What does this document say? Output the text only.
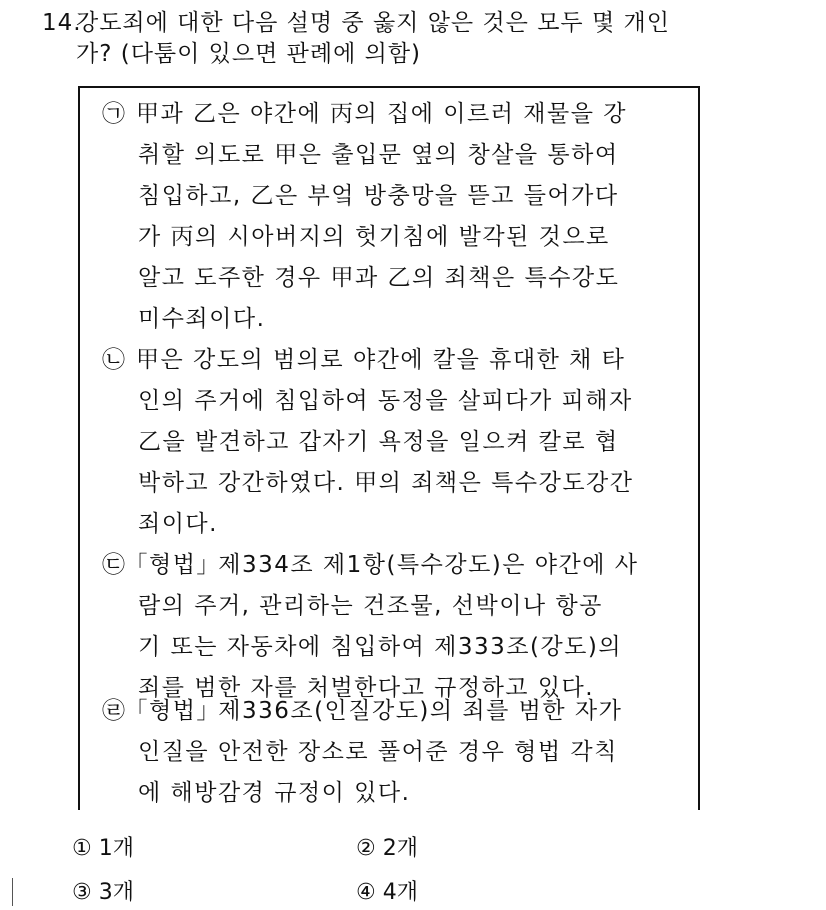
14.강도죄에 대한 다음 설명 중 옳지 않은 것은 모두 몇 개인
가? (다툼이 있으면 판례에 의함)
㉠ 甲과 乙은 야간에 丙의 집에 이르러 재물을 강
취할 의도로 甲은 출입문 옆의 창살을 통하여
침입하고, 乙은 부엌 방충망을 뜯고 들어가다
가 丙의 시아버지의 헛기침에 발각된 것으로
알고 도주한 경우 甲과 乙의 죄책은 특수강도
미수죄이다.
㉡ 甲은 강도의 범의로 야간에 칼을 휴대한 채 타
인의 주거에 침입하여 동정을 살피다가 피해자
乙을 발견하고 갑자기 욕정을 일으켜 칼로 협
박하고 강간하였다. 甲의 죄책은 특수강도강간
죄이다.
㉢ ｢형법｣ 제334조 제1항(특수강도)은 야간에 사
람의 주거, 관리하는 건조물, 선박이나 항공
기 또는 자동차에 침입하여 제333조(강도)의
죄를 범한 자를 처벌한다고 규정하고 있다.
㉣ ｢형법｣ 제336조(인질강도)의 죄를 범한 자가
인질을 안전한 장소로 풀어준 경우 형법 각칙
에 해방감경 규정이 있다.
① 1개	② 2개
③ 3개	④ 4개
